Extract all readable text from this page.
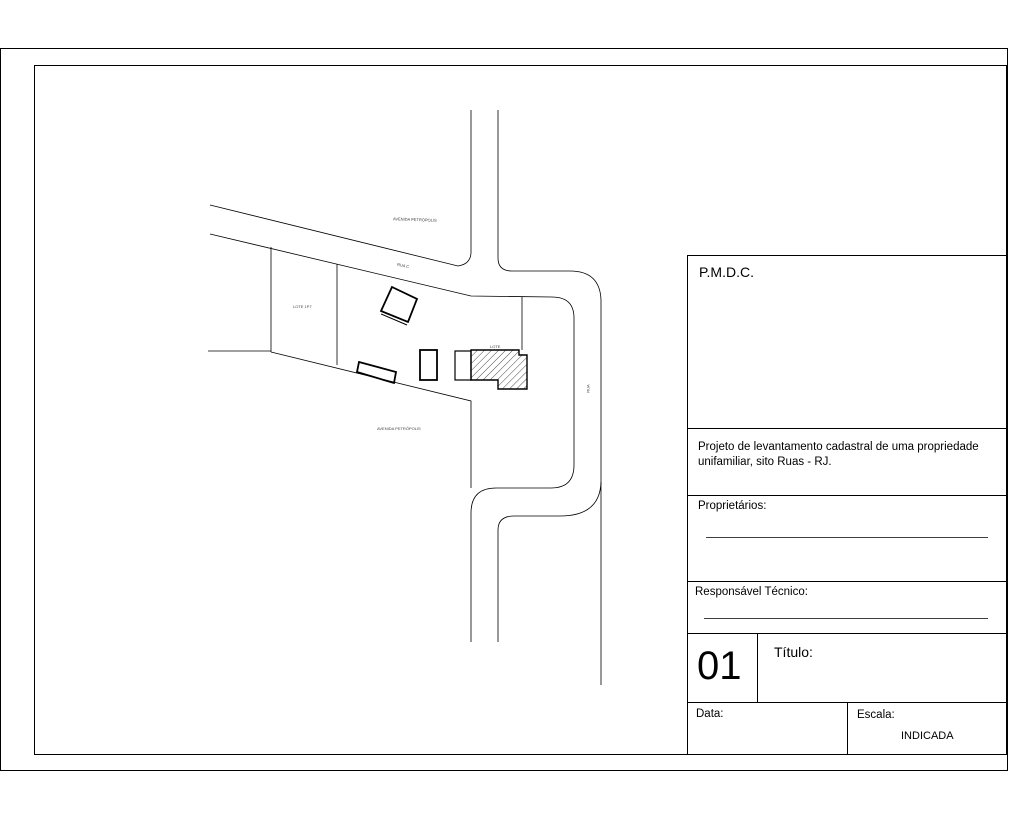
AVENIDA PETRÓPOLIS
AVENIDA PETRÓPOLIS
RUA
LOTE 1P7
RUA C
LOTE
P.M.D.C.
Projeto de levantamento cadastral de uma propriedade
unifamiliar, sito Ruas - RJ.
Proprietários:
Responsável Técnico:
01 Título:
Data:	Escala:
INDICADA
